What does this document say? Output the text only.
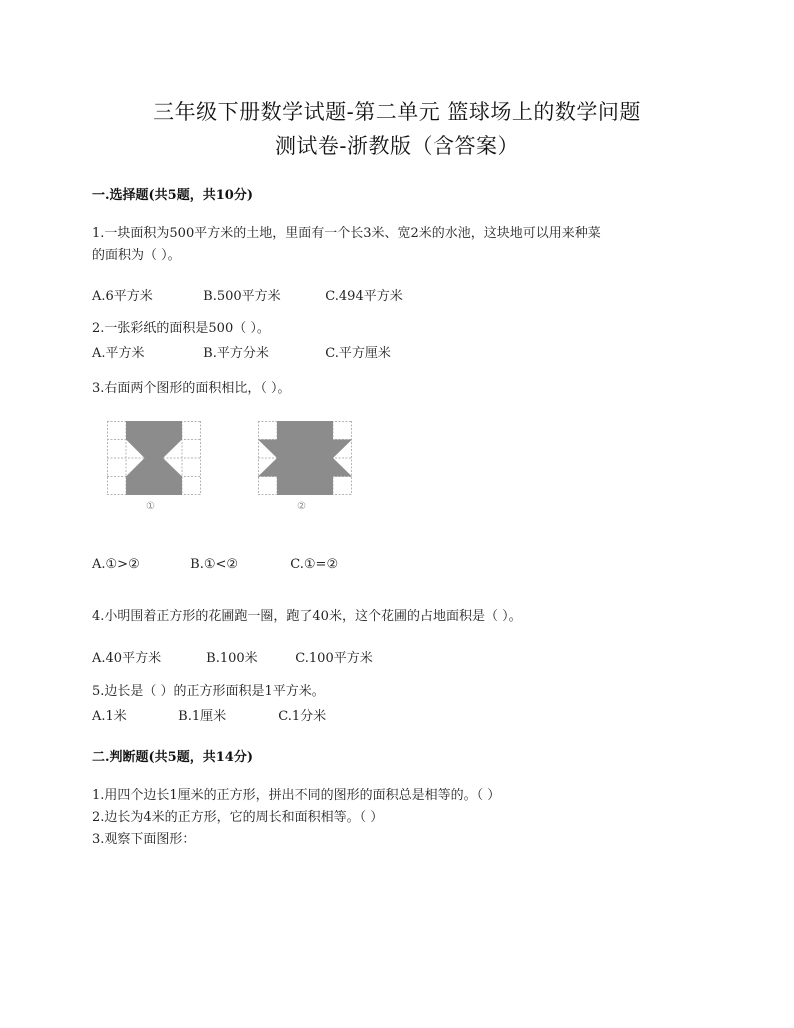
三年级下册数学试题-第二单元 篮球场上的数学问题
测试卷-浙教版（含答案）
一.选择题(共5题，共10分)
1.一块面积为500平方米的土地，里面有一个长3米、宽2米的水池，这块地可以用来种菜
的面积为（ ）。
A.6平方米	B.500平方米	C.494平方米
2.一张彩纸的面积是500（ ）。
A.平方米	B.平方分米	C.平方厘米
3.右面两个图形的面积相比，（ ）。
①	②
A.①>②	B.①<②	C.①=②
4.小明围着正方形的花圃跑一圈，跑了40米，这个花圃的占地面积是（ ）。
A.40平方米	B.100米	C.100平方米
5.边长是（ ）的正方形面积是1平方米。
A.1米	B.1厘米	C.1分米
二.判断题(共5题，共14分)
1.用四个边长1厘米的正方形，拼出不同的图形的面积总是相等的。（ ）
2.边长为4米的正方形，它的周长和面积相等。（ ）
3.观察下面图形：
